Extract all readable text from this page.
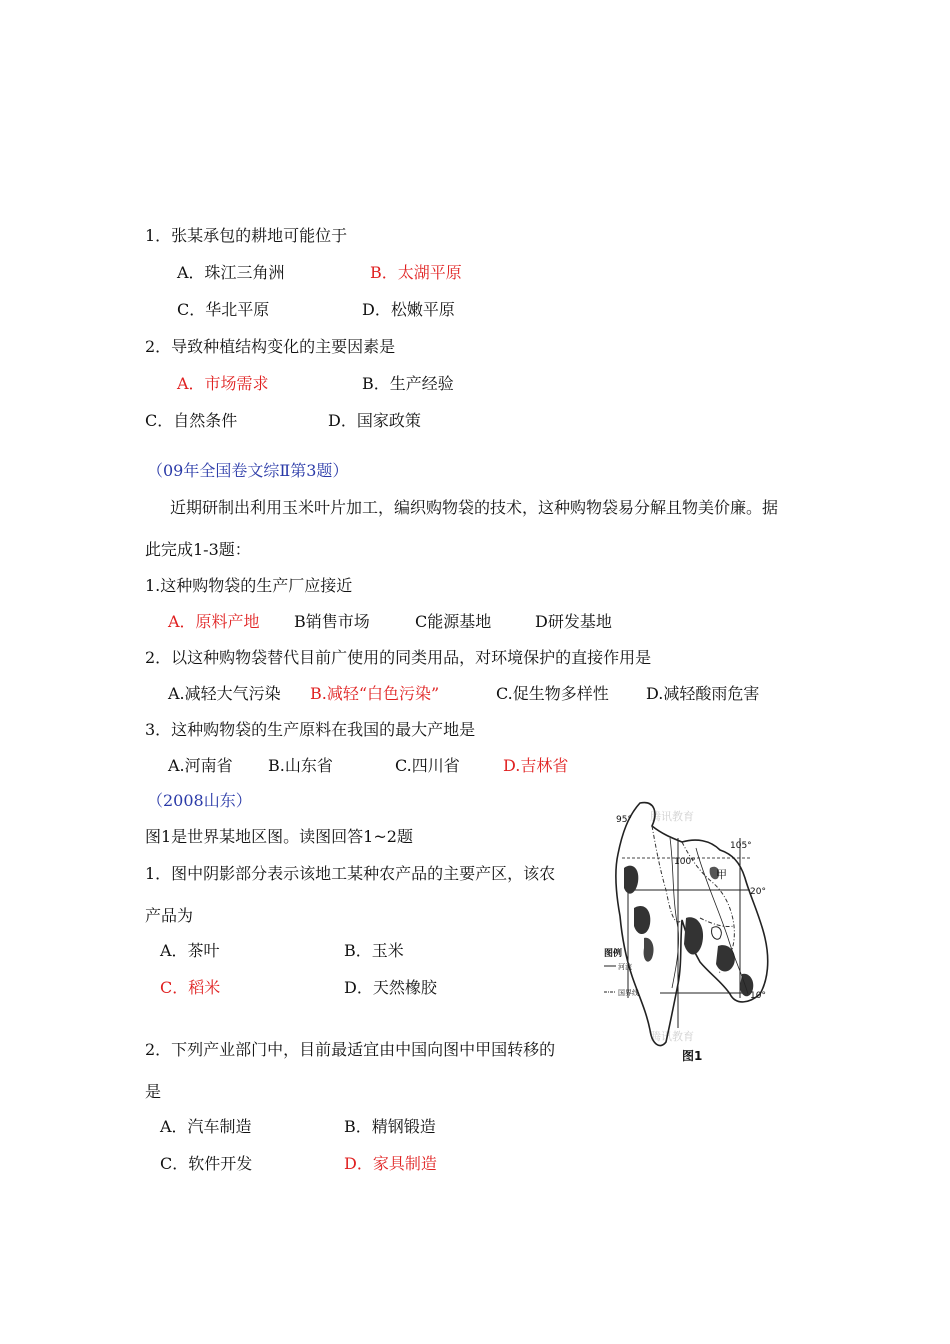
1．张某承包的耕地可能位于
A．珠江三角洲	B．太湖平原
C．华北平原	D．松嫩平原
2．导致种植结构变化的主要因素是
A．市场需求	B．生产经验
C．自然条件	D．国家政策
（09年全国卷文综Ⅱ第3题）
近期研制出利用玉米叶片加工，编织购物袋的技术，这种购物袋易分解且物美价廉。据
此完成1-3题：
1.这种购物袋的生产厂应接近
A．原料产地 B销售市场	C能源基地	D研发基地
2．以这种购物袋替代目前广使用的同类用品，对环境保护的直接作用是
A.减轻大气污染 B.减轻“白色污染”	C.促生物多样性 D.减轻酸雨危害
3．这种购物袋的生产原料在我国的最大产地是
A.河南省 B.山东省	C.四川省	D.吉林省
（2008山东）
图1是世界某地区图。读图回答1~2题
1．图中阴影部分表示该地工某种农产品的主要产区，该农
产品为
A．茶叶	B．玉米
C．稻米	D．天然橡胶
2．下列产业部门中，目前最适宜由中国向图中甲国转移的
是
A．汽车制造	B．精钢锻造
C．软件开发	D．家具制造
腾讯教育
腾讯教育
95°
100°
105°
20°
10°
甲
图例
河流
国界线
图1
